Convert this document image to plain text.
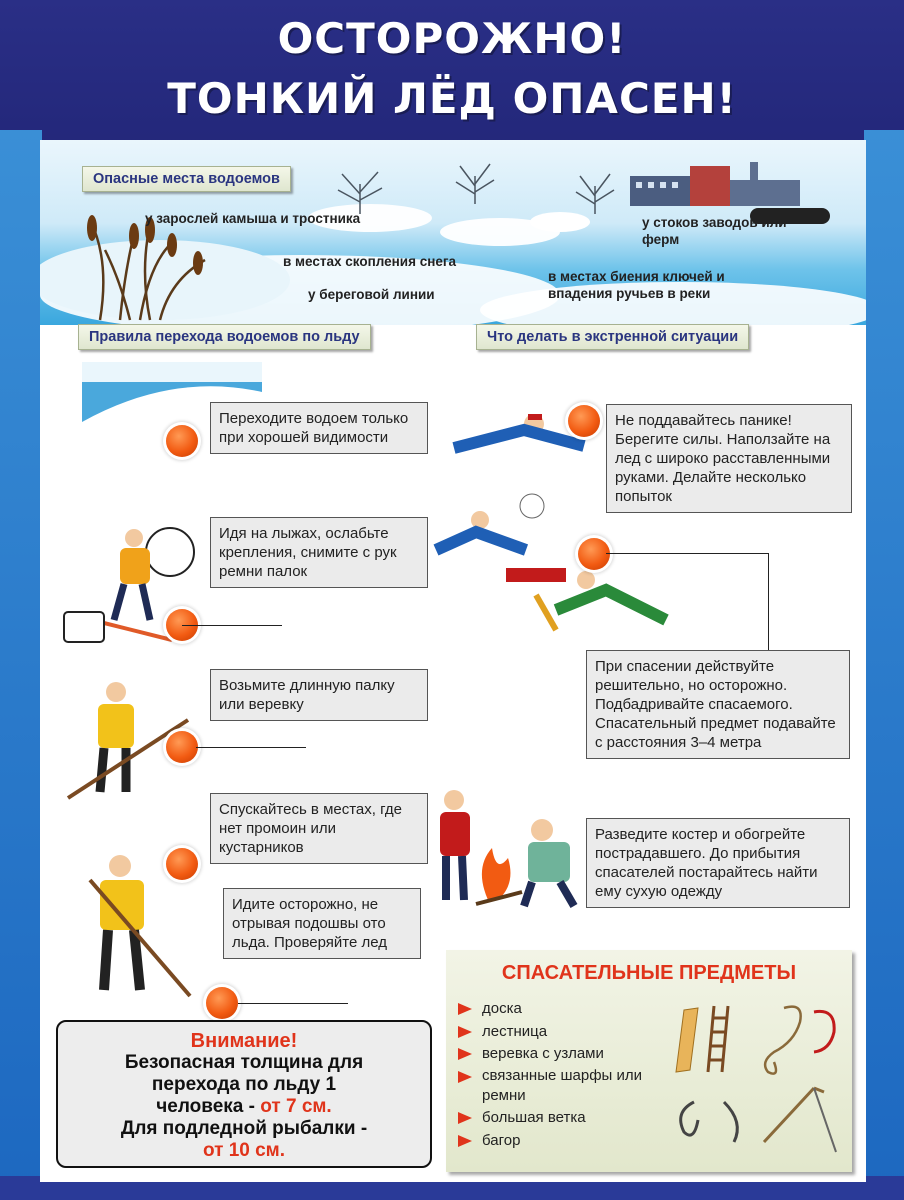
ОСТОРОЖНО!
ТОНКИЙ ЛЁД ОПАСЕН!
у зарослей камыша и тростника
в местах скопления снега
у береговой линии
у стоков заводов или ферм
в местах биения ключей и впадения ручьев в реки
Опасные места водоемов
Правила перехода водоемов по льду	Что делать в экстренной ситуации
Переходите водоем только при хорошей видимости
Идя на лыжах, ослабьте крепления, снимите с рук ремни палок
Возьмите длинную палку или веревку
Спускайтесь в местах, где нет промоин или кустарников
Идите осторожно, не отрывая подошвы ото льда. Проверяйте лед
Не поддавайтесь панике! Берегите силы. Наползайте на лед с широко расставленными руками. Делайте несколько попыток
При спасении действуйте решительно, но осторожно. Подбадривайте спасаемого. Спасательный предмет подавайте с расстояния 3–4 метра
Разведите костер и обогрейте пострадавшего. До прибытия спасателей постарайтесь найти ему сухую одежду
Внимание!
Безопасная толщина для
перехода по льду 1
человека - от 7 см.
Для подледной рыбалки -
от 10 см.
СПАСАТЕЛЬНЫЕ ПРЕДМЕТЫ
доска
лестница
веревка с узлами
связанные шарфы или ремни
большая ветка
багор
